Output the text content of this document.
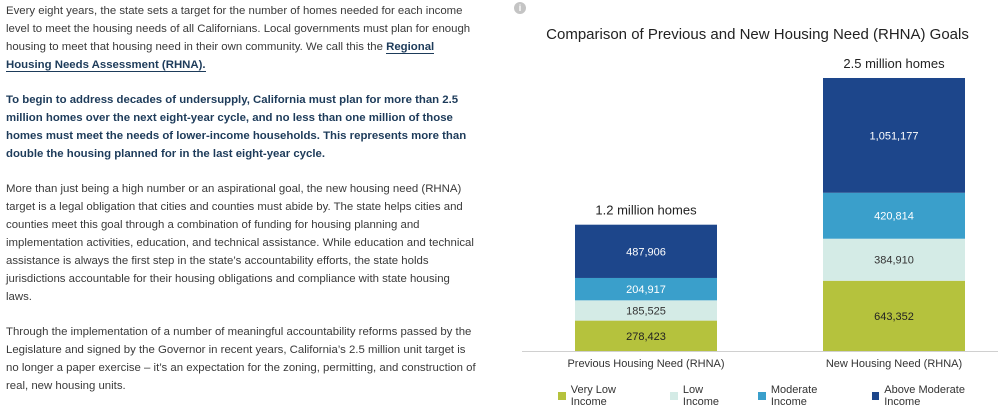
Every eight years, the state sets a target for the number of homes needed for each income level to meet the housing needs of all Californians. Local governments must plan for enough housing to meet that housing need in their own community. We call this the Regional Housing Needs Assessment (RHNA).

To begin to address decades of undersupply, California must plan for more than 2.5 million homes over the next eight-year cycle, and no less than one million of those homes must meet the needs of lower-income households. This represents more than double the housing planned for in the last eight-year cycle.

More than just being a high number or an aspirational goal, the new housing need (RHNA) target is a legal obligation that cities and counties must abide by. The state helps cities and counties meet this goal through a combination of funding for housing planning and implementation activities, education, and technical assistance. While education and technical assistance is always the first step in the state’s accountability efforts, the state holds jurisdictions accountable for their housing obligations and compliance with state housing laws.

Through the implementation of a number of meaningful accountability reforms passed by the Legislature and signed by the Governor in recent years, California’s 2.5 million unit target is no longer a paper exercise – it’s an expectation for the zoning, permitting, and construction of real, new housing units.

i
Comparison of Previous and New Housing Need (RHNA) Goals
278,423
185,525
204,917
487,906
1.2 million homes
Previous Housing Need (RHNA)
643,352
384,910
420,814
1,051,177
2.5 million homes
New Housing Need (RHNA)
Very Low Income
Low Income
Moderate Income
Above Moderate Income
